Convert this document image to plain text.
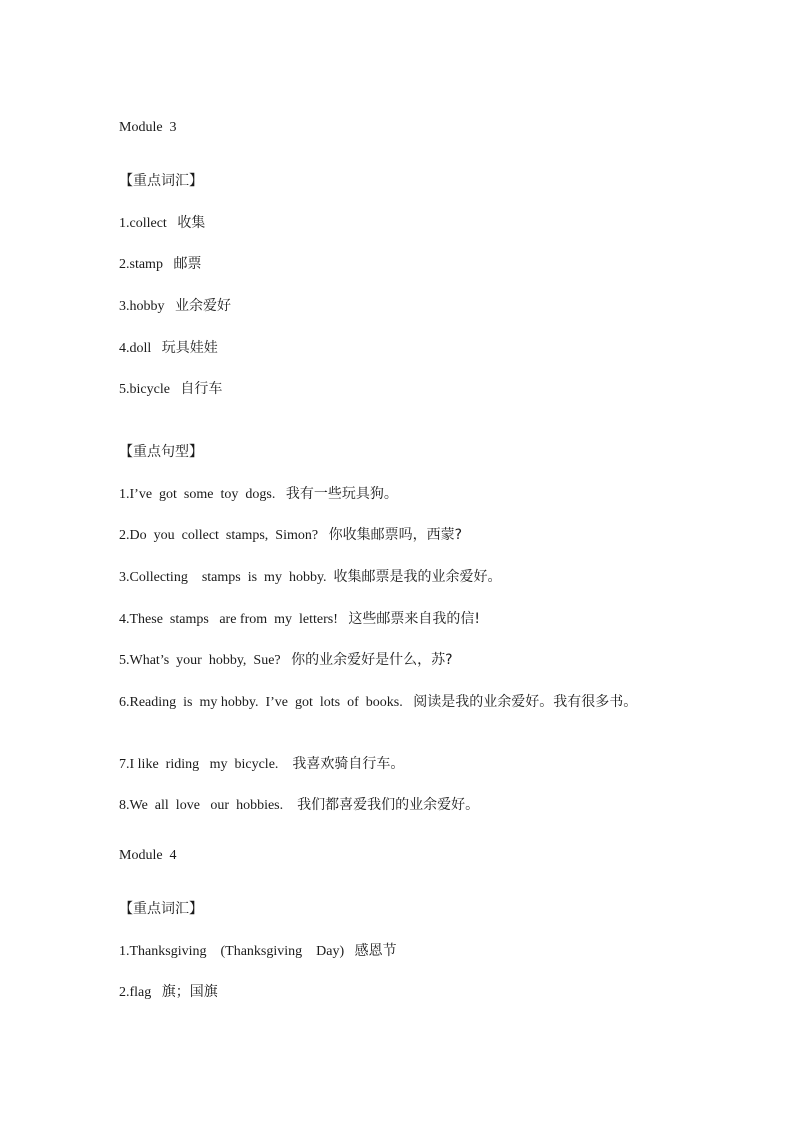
Module  3
【重点词汇】
1.collect   收集
2.stamp   邮票
3.hobby   业余爱好
4.doll   玩具娃娃
5.bicycle   自行车
【重点句型】
1.I’ve  got  some  toy  dogs.   我有一些玩具狗。
2.Do  you  collect  stamps,  Simon?   你收集邮票吗，西蒙?
3.Collecting    stamps  is  my  hobby.  收集邮票是我的业余爱好。
4.These  stamps   are from  my  letters!   这些邮票来自我的信!
5.What’s  your  hobby,  Sue?   你的业余爱好是什么，苏?
6.Reading  is  my hobby.  I’ve  got  lots  of  books.   阅读是我的业余爱好。我有很多书。
7.I like  riding   my  bicycle.    我喜欢骑自行车。
8.We  all  love   our  hobbies.    我们都喜爱我们的业余爱好。
Module  4
【重点词汇】
1.Thanksgiving    (Thanksgiving    Day)   感恩节
2.flag   旗；国旗
